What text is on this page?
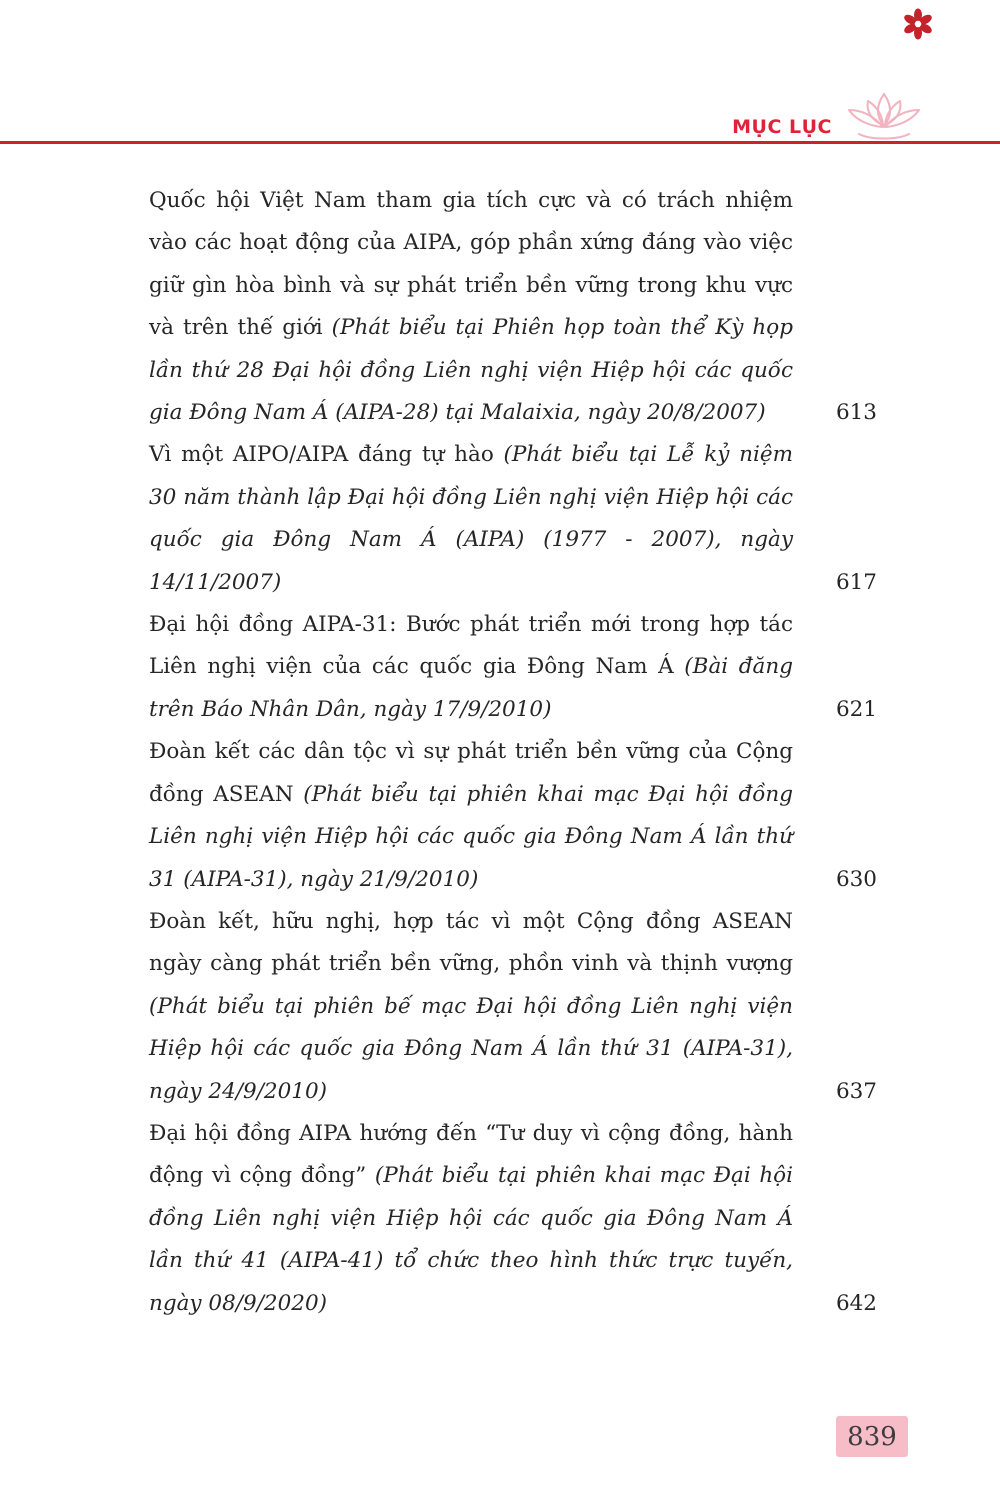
MỤC LỤC

Quốc hội Việt Nam tham gia tích cực và có trách nhiệm vào các hoạt động của AIPA, góp phần xứng đáng vào việc giữ gìn hòa bình và sự phát triển bền vững trong khu vực và trên thế giới (Phát biểu tại Phiên họp toàn thể Kỳ họp lần thứ 28 Đại hội đồng Liên nghị viện Hiệp hội các quốc gia Đông Nam Á (AIPA-28) tại Malaixia, ngày 20/8/2007)	613

Vì một AIPO/AIPA đáng tự hào (Phát biểu tại Lễ kỷ niệm 30 năm thành lập Đại hội đồng Liên nghị viện Hiệp hội các quốc gia Đông Nam Á (AIPA) (1977 - 2007), ngày 14/11/2007)	617

Đại hội đồng AIPA-31: Bước phát triển mới trong hợp tác Liên nghị viện của các quốc gia Đông Nam Á (Bài đăng trên Báo Nhân Dân, ngày 17/9/2010)	621

Đoàn kết các dân tộc vì sự phát triển bền vững của Cộng đồng ASEAN (Phát biểu tại phiên khai mạc Đại hội đồng Liên nghị viện Hiệp hội các quốc gia Đông Nam Á lần thứ 31 (AIPA-31), ngày 21/9/2010)	630

Đoàn kết, hữu nghị, hợp tác vì một Cộng đồng ASEAN ngày càng phát triển bền vững, phồn vinh và thịnh vượng (Phát biểu tại phiên bế mạc Đại hội đồng Liên nghị viện Hiệp hội các quốc gia Đông Nam Á lần thứ 31 (AIPA-31), ngày 24/9/2010)	637

Đại hội đồng AIPA hướng đến “Tư duy vì cộng đồng, hành động vì cộng đồng” (Phát biểu tại phiên khai mạc Đại hội đồng Liên nghị viện Hiệp hội các quốc gia Đông Nam Á lần thứ 41 (AIPA-41) tổ chức theo hình thức trực tuyến, ngày 08/9/2020)	642
839
